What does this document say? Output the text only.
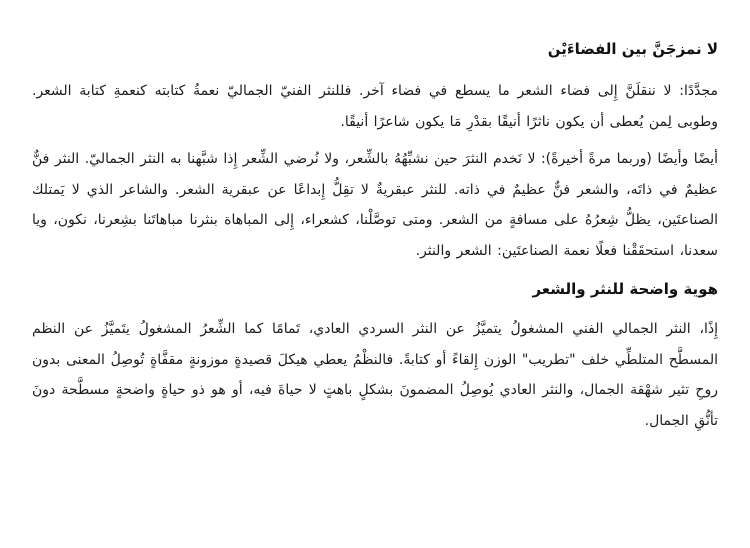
لا نمزجَنَّ بين الفضاءَيْن

مجدَّدًا: لا ننقلَنَّ إِلى فضاء الشعر ما يسطع في فضاء آخر. فللنثر الفنيّ الجماليّ نعمةُ كتابته كنعمةِ كتابة الشعر. وطوبى لِمن يُعطى أن يكون ناثرًا أنيقًا بقدْرِ مَا يكون شاعرًا أنيقًا.

أيضًا وأيضًا (وربما مرةً أخيرةً): لا نَخدم النثرَ حين نشبِّهُهُ بالشِّعر، ولا نُرضي الشِّعر إِذا شبَّهنا به النثر الجماليّ. النثر فنٌّ عظيمٌ في ذاتَه، والشعر فنٌّ عظيمٌ في ذاته. للنثر عبقريةٌ لا تقِلُّ إِبداعًا عن عبقرية الشعر. والشاعر الذي لا يَمتلك الصناعتَين، يظلُّ شِعرُهُ على مسافةٍ من الشعر. ومتى توصَّلْنا، كشعراء، إِلى المباهاة بنثرنا مباهاتَنا بشِعرنا، نكون، ويا سعدنا، استحقَقْنا فعلًا نعمة الصناعتَين: الشعر والنثر.

هوية واضحة للنثر والشعر

إِذًا، النثر الجمالي الفني المشغولُ يتميَّزُ عن النثر السردي العادي، تَمامًا كما الشِّعرُ المشغولُ يتَميَّزُ عن النظم المسطَّح المتلطِّي خلف "تطريب" الوزن إِلقاءً أو كتابةً. فالنظْمُ يعطي هيكلَ قصيدةٍ موزونةٍ مقفَّاةٍ تُوصِلُ المعنى بدون روحِ تثير شهْقة الجمال، والنثر العادي يُوصِلُ المضمونَ بشكلٍ باهتٍ لا حياةَ فيه، أو هو ذو حياةٍ واضحةٍ مسطَّحة دونَ تأنُّقِ الجمال.
